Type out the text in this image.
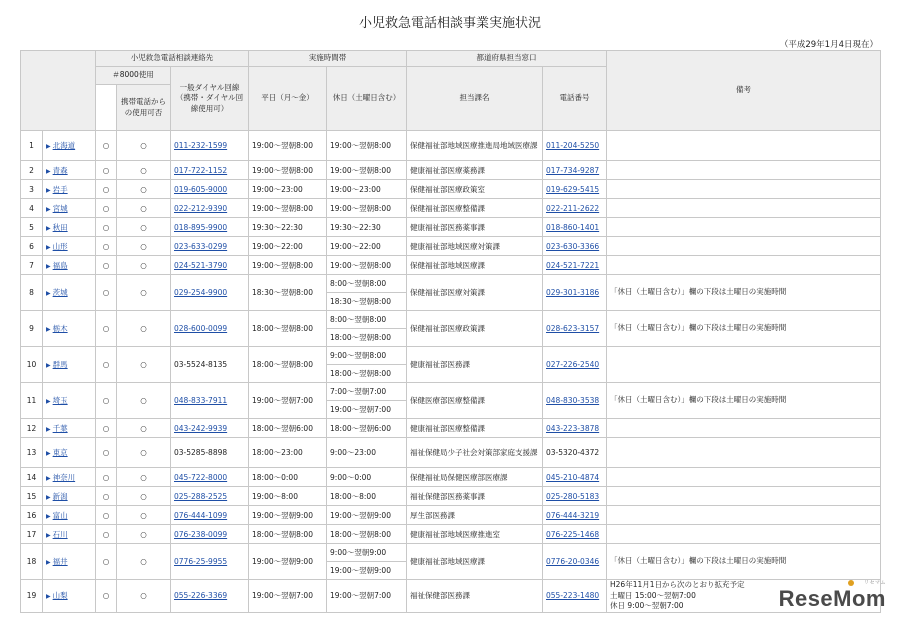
小児救急電話相談事業実施状況
（平成29年1月4日現在）
		小児救急電話相談連絡先			実施時間帯		都道府県担当窓口		備考
		＃8000使用		一般ダイヤル回線（携帯・ダイヤル回線使用可）	平日（月～金）	休日（土曜日含む）	担当課名	電話番号	
			携帯電話からの使用可否						
1	▶ 北海道	○	○	011-232-1599	19:00～翌朝8:00	19:00～翌朝8:00	保健福祉部地域医療推進局地域医療課	011-204-5250	
2	▶ 青森	○	○	017-722-1152	19:00～翌朝8:00	19:00～翌朝8:00	健康福祉部医療薬務課	017-734-9287	
3	▶ 岩手	○	○	019-605-9000	19:00～23:00	19:00～23:00	保健福祉部医療政策室	019-629-5415	
4	▶ 宮城	○	○	022-212-9390	19:00～翌朝8:00	19:00～翌朝8:00	保健福祉部医療整備課	022-211-2622	
5	▶ 秋田	○	○	018-895-9900	19:30～22:30	19:30～22:30	健康福祉部医務薬事課	018-860-1401	
6	▶ 山形	○	○	023-633-0299	19:00～22:00	19:00～22:00	健康福祉部地域医療対策課	023-630-3366	
7	▶ 福島	○	○	024-521-3790	19:00～翌朝8:00	19:00～翌朝8:00	保健福祉部地域医療課	024-521-7221	
8	▶ 茨城	○	○	029-254-9900	18:30～翌朝8:00	8:00～翌朝8:00	保健福祉部医療対策課	029-301-3186	「休日（土曜日含む）」欄の下段は土曜日の実施時間
						18:30～翌朝8:00			
9	▶ 栃木	○	○	028-600-0099	18:00～翌朝8:00	8:00～翌朝8:00	保健福祉部医療政策課	028-623-3157	「休日（土曜日含む）」欄の下段は土曜日の実施時間
						18:00～翌朝8:00			
10	▶ 群馬	○	○	03-5524-8135	18:00～翌朝8:00	9:00～翌朝8:00	健康福祉部医務課	027-226-2540	
						18:00～翌朝8:00			
11	▶ 埼玉	○	○	048-833-7911	19:00～翌朝7:00	7:00～翌朝7:00	保健医療部医療整備課	048-830-3538	「休日（土曜日含む）」欄の下段は土曜日の実施時間
						19:00～翌朝7:00			
12	▶ 千葉	○	○	043-242-9939	18:00～翌朝6:00	18:00～翌朝6:00	健康福祉部医療整備課	043-223-3878	
13	▶ 東京	○	○	03-5285-8898	18:00～23:00	9:00～23:00	福祉保健局少子社会対策部家庭支援課	03-5320-4372	
14	▶ 神奈川	○	○	045-722-8000	18:00～0:00	9:00～0:00	保健福祉局保健医療部医療課	045-210-4874	
15	▶ 新潟	○	○	025-288-2525	19:00～8:00	18:00～8:00	福祉保健部医務薬事課	025-280-5183	
16	▶ 富山	○	○	076-444-1099	19:00～翌朝9:00	19:00～翌朝9:00	厚生部医務課	076-444-3219	
17	▶ 石川	○	○	076-238-0099	18:00～翌朝8:00	18:00～翌朝8:00	健康福祉部地域医療推進室	076-225-1468	
18	▶ 福井	○	○	0776-25-9955	19:00～翌朝9:00	9:00～翌朝9:00	健康福祉部地域医療課	0776-20-0346	「休日（土曜日含む）」欄の下段は土曜日の実施時間
						19:00～翌朝9:00			
19	▶ 山梨	○	○	055-226-3369	19:00～翌朝7:00	19:00～翌朝7:00	福祉保健部医務課	055-223-1480	H26年11月1日から次のとおり拡充予定
土曜日 15:00～翌朝7:00
休日 9:00～翌朝7:00	ReseMom
リセマム
